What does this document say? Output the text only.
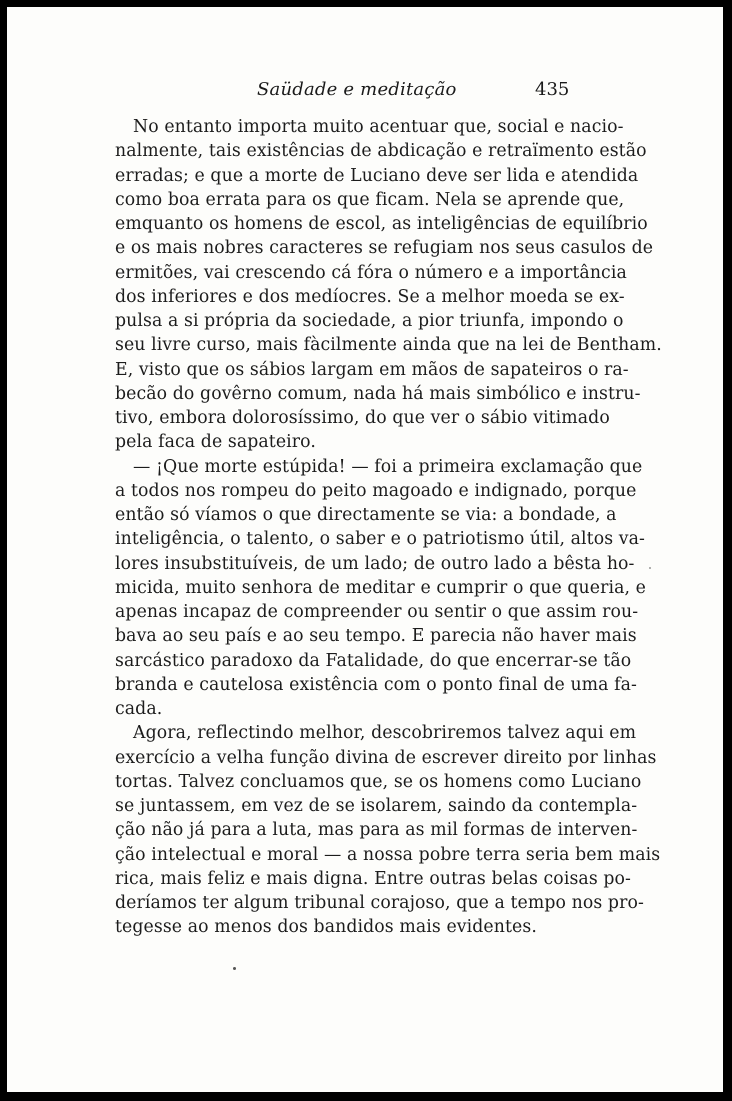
Saüdade e meditação	435
No entanto importa muito acentuar que, social e nacio-
nalmente, tais existências de abdicação e retraïmento estão
erradas; e que a morte de Luciano deve ser lida e atendida
como boa errata para os que ficam. Nela se aprende que,
emquanto os homens de escol, as inteligências de equilíbrio
e os mais nobres caracteres se refugiam nos seus casulos de
ermitões, vai crescendo cá fóra o número e a importância
dos inferiores e dos medíocres. Se a melhor moeda se ex-
pulsa a si própria da sociedade, a pior triunfa, impondo o
seu livre curso, mais fàcilmente ainda que na lei de Bentham.
E, visto que os sábios largam em mãos de sapateiros o ra-
becão do govêrno comum, nada há mais simbólico e instru-
tivo, embora dolorosíssimo, do que ver o sábio vitimado
pela faca de sapateiro.
— ¡Que morte estúpida! — foi a primeira exclamação que
a todos nos rompeu do peito magoado e indignado, porque
então só víamos o que directamente se via: a bondade, a
inteligência, o talento, o saber e o patriotismo útil, altos va-
lores insubstituíveis, de um lado; de outro lado a bêsta ho-
micida, muito senhora de meditar e cumprir o que queria, e
apenas incapaz de compreender ou sentir o que assim rou-
bava ao seu país e ao seu tempo. E parecia não haver mais
sarcástico paradoxo da Fatalidade, do que encerrar-se tão
branda e cautelosa existência com o ponto final de uma fa-
cada.
Agora, reflectindo melhor, descobriremos talvez aqui em
exercício a velha função divina de escrever direito por linhas
tortas. Talvez concluamos que, se os homens como Luciano
se juntassem, em vez de se isolarem, saindo da contempla-
ção não já para a luta, mas para as mil formas de interven-
ção intelectual e moral — a nossa pobre terra seria bem mais
rica, mais feliz e mais digna. Entre outras belas coisas po-
deríamos ter algum tribunal corajoso, que a tempo nos pro-
tegesse ao menos dos bandidos mais evidentes.
